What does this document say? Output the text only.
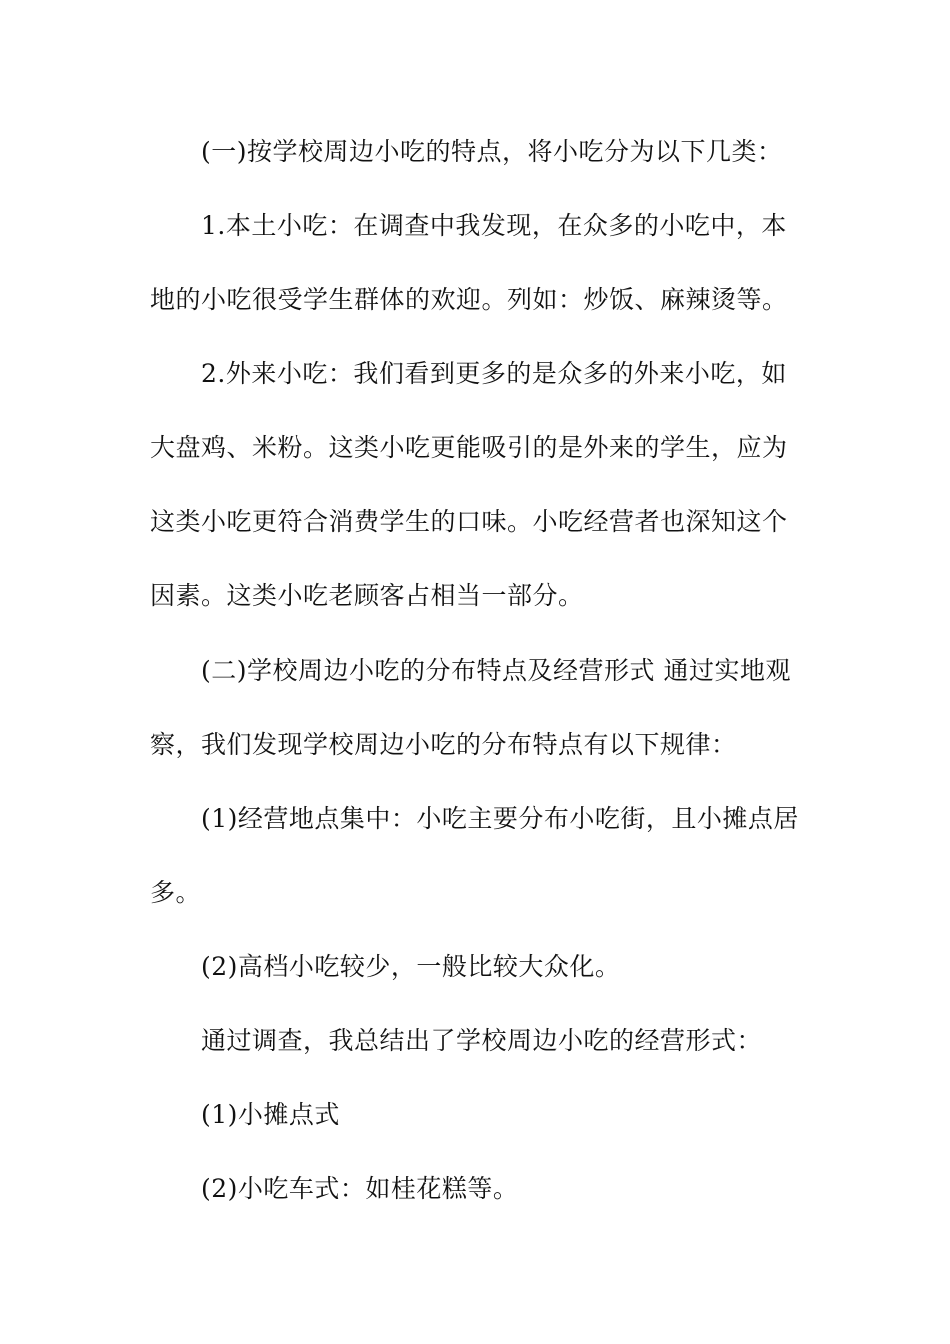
(一)按学校周边小吃的特点，将小吃分为以下几类：
1.本土小吃：在调查中我发现，在众多的小吃中，本
地的小吃很受学生群体的欢迎。列如：炒饭、麻辣烫等。
2.外来小吃：我们看到更多的是众多的外来小吃，如
大盘鸡、米粉。这类小吃更能吸引的是外来的学生，应为
这类小吃更符合消费学生的口味。小吃经营者也深知这个
因素。这类小吃老顾客占相当一部分。
(二)学校周边小吃的分布特点及经营形式 通过实地观
察，我们发现学校周边小吃的分布特点有以下规律：
(1)经营地点集中：小吃主要分布小吃街，且小摊点居
多。
(2)高档小吃较少，一般比较大众化。
通过调查，我总结出了学校周边小吃的经营形式：
(1)小摊点式
(2)小吃车式：如桂花糕等。
